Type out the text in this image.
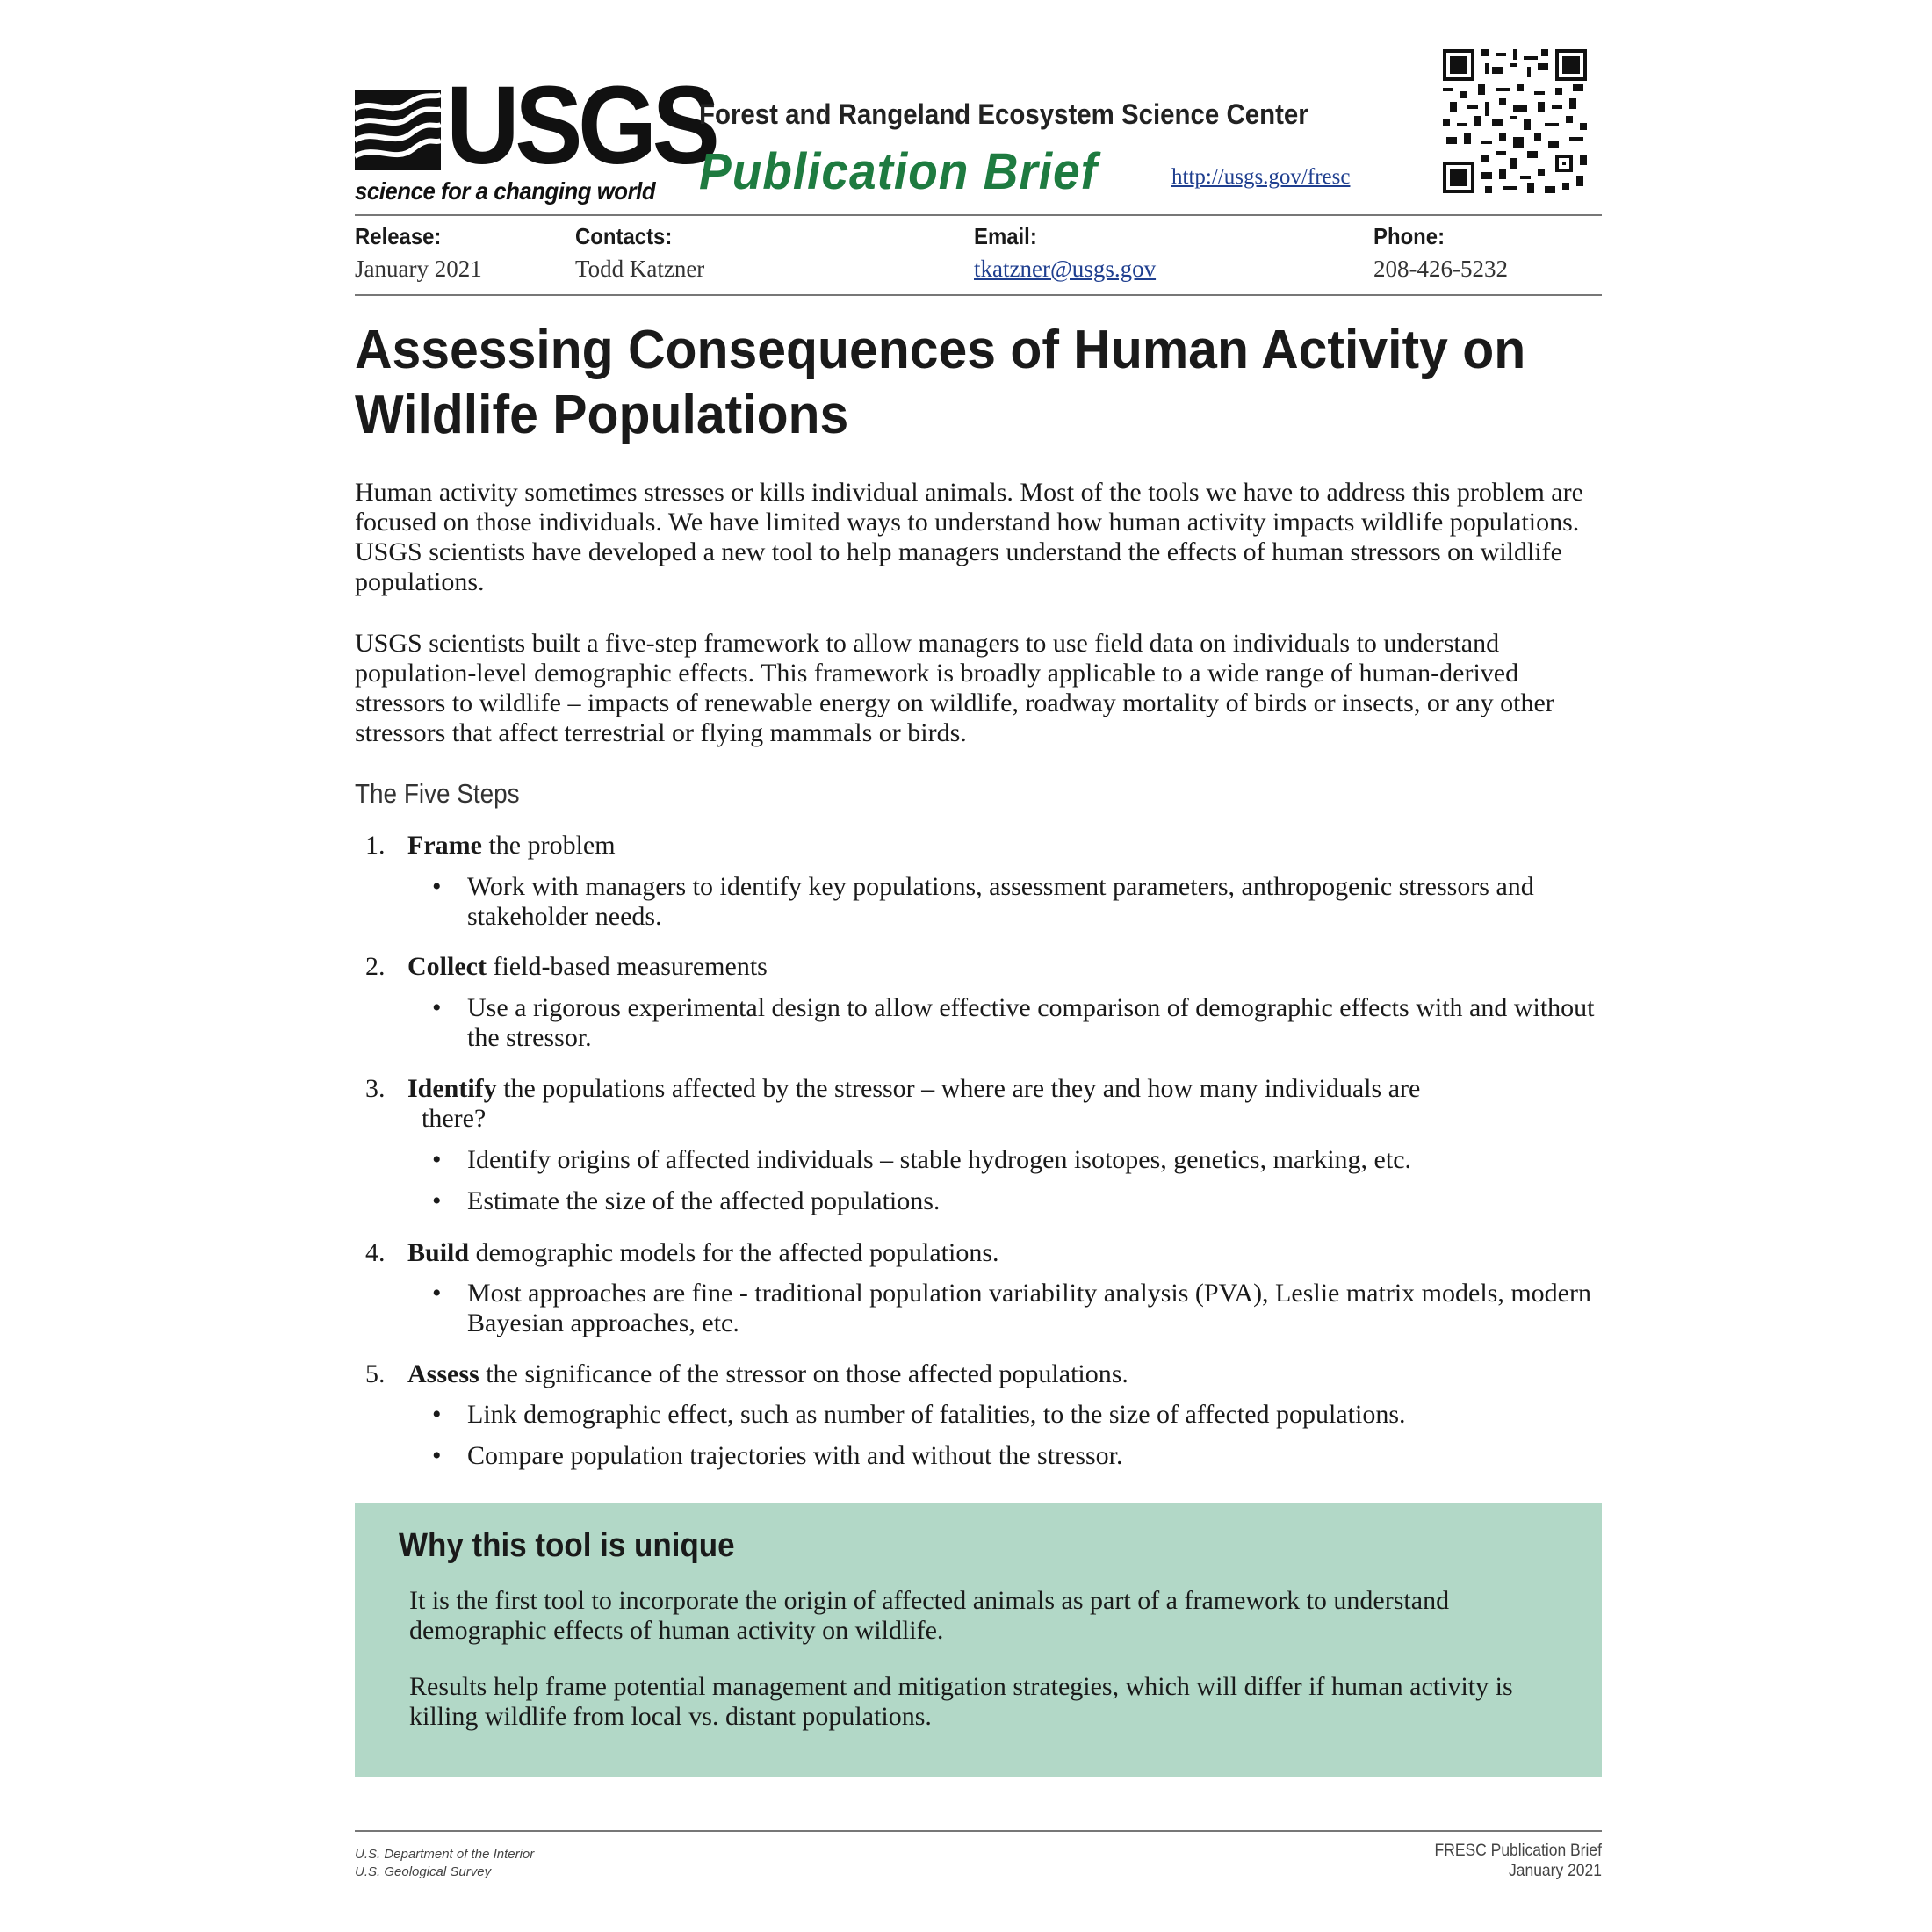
USGS
science for a changing world
Forest and Rangeland Ecosystem Science Center
Publication Brief	http://usgs.gov/fresc
Release:
January 2021
Contacts:
Todd Katzner
Email:
tkatzner@usgs.gov
Phone:
208-426-5232
Assessing Consequences of Human Activity on
Wildlife Populations
Human activity sometimes stresses or kills individual animals. Most of the tools we have to address this problem are focused on those individuals. We have limited ways to understand how human activity impacts wildlife populations. USGS scientists have developed a new tool to help managers understand the effects of human stressors on wildlife populations.
USGS scientists built a five-step framework to allow managers to use field data on individuals to understand population-level demographic effects. This framework is broadly applicable to a wide range of human-derived stressors to wildlife – impacts of renewable energy on wildlife, roadway mortality of birds or insects, or any other stressors that affect terrestrial or flying mammals or birds.
The Five Steps
1. Frame the problem
• Work with managers to identify key populations, assessment parameters, anthropogenic stressors and stakeholder needs.
2. Collect field-based measurements
• Use a rigorous experimental design to allow effective comparison of demographic effects with and without the stressor.
3. Identify the populations affected by the stressor – where are they and how many individuals are
there?
• Identify origins of affected individuals – stable hydrogen isotopes, genetics, marking, etc.
• Estimate the size of the affected populations.
4. Build demographic models for the affected populations.
• Most approaches are fine - traditional population variability analysis (PVA), Leslie matrix models, modern Bayesian approaches, etc.
5. Assess the significance of the stressor on those affected populations.
• Link demographic effect, such as number of fatalities, to the size of affected populations.
• Compare population trajectories with and without the stressor.
Why this tool is unique
It is the first tool to incorporate the origin of affected animals as part of a framework to understand demographic effects of human activity on wildlife.
Results help frame potential management and mitigation strategies, which will differ if human activity is killing wildlife from local vs. distant populations.
U.S. Department of the Interior
U.S. Geological Survey
FRESC Publication Brief
January 2021
